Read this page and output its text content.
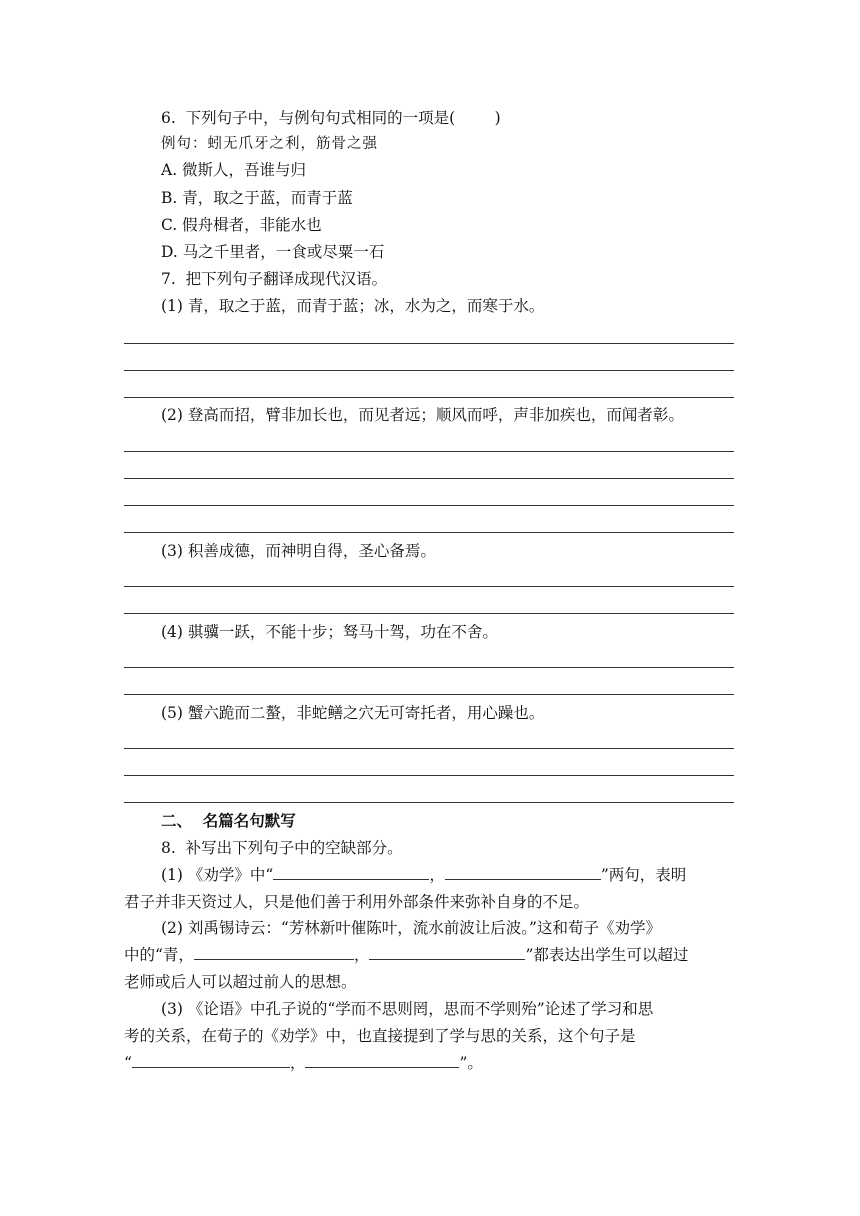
6.  下列句子中，与例句句式相同的一项是(        )
例句：蚓无爪牙之利，筋骨之强
A. 微斯人，吾谁与归
B. 青，取之于蓝，而青于蓝
C. 假舟楫者，非能水也
D. 马之千里者，一食或尽粟一石
7.  把下列句子翻译成现代汉语。
(1) 青，取之于蓝，而青于蓝；冰，水为之，而寒于水。
(2) 登高而招，臂非加长也，而见者远；顺风而呼，声非加疾也，而闻者彰。
(3) 积善成德，而神明自得，圣心备焉。
(4) 骐骥一跃，不能十步；驽马十驾，功在不舍。
(5) 蟹六跪而二螯，非蛇鳝之穴无可寄托者，用心躁也。
二、  名篇名句默写
8.  补写出下列句子中的空缺部分。
(1) 《劝学》中“	，	”两句，表明
君子并非天资过人，只是他们善于利用外部条件来弥补自身的不足。
(2) 刘禹锡诗云：“芳林新叶催陈叶，流水前波让后波。”这和荀子《劝学》
中的“青，	，	”都表达出学生可以超过
老师或后人可以超过前人的思想。
(3) 《论语》中孔子说的“学而不思则罔，思而不学则殆”论述了学习和思
考的关系，在荀子的《劝学》中，也直接提到了学与思的关系，这个句子是
“	，	”。
